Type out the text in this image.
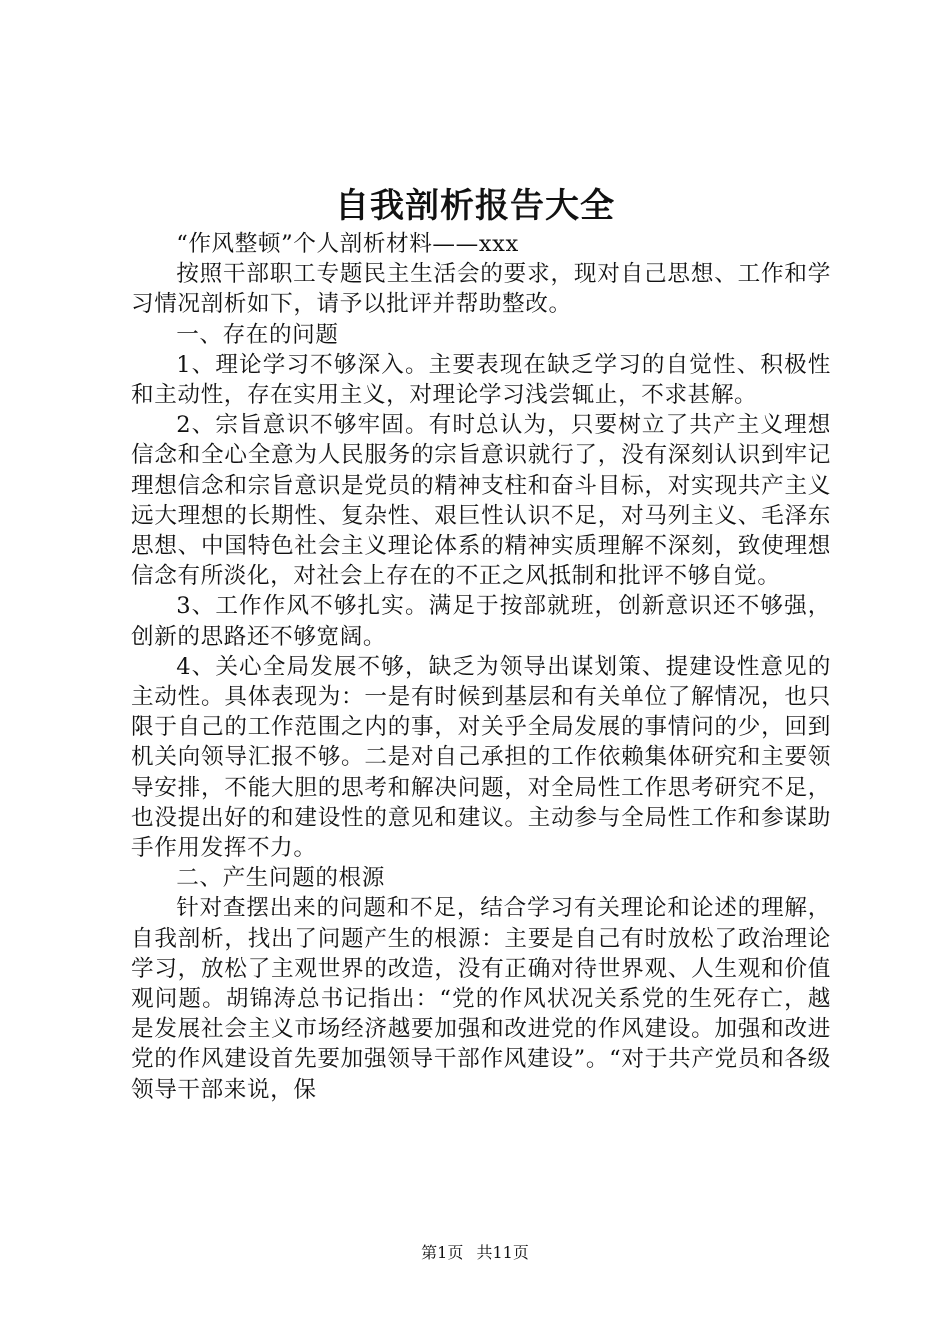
自我剖析报告大全

“作风整顿”个人剖析材料——xxx

按照干部职工专题民主生活会的要求，现对自己思想、工作和学习情况剖析如下，请予以批评并帮助整改。

一、存在的问题

1、理论学习不够深入。主要表现在缺乏学习的自觉性、积极性和主动性，存在实用主义，对理论学习浅尝辄止，不求甚解。

2、宗旨意识不够牢固。有时总认为，只要树立了共产主义理想信念和全心全意为人民服务的宗旨意识就行了，没有深刻认识到牢记理想信念和宗旨意识是党员的精神支柱和奋斗目标，对实现共产主义远大理想的长期性、复杂性、艰巨性认识不足，对马列主义、毛泽东思想、中国特色社会主义理论体系的精神实质理解不深刻，致使理想信念有所淡化，对社会上存在的不正之风抵制和批评不够自觉。

3、工作作风不够扎实。满足于按部就班，创新意识还不够强，创新的思路还不够宽阔。

4、关心全局发展不够，缺乏为领导出谋划策、提建设性意见的主动性。具体表现为：一是有时候到基层和有关单位了解情况，也只限于自己的工作范围之内的事，对关乎全局发展的事情问的少，回到机关向领导汇报不够。二是对自己承担的工作依赖集体研究和主要领导安排，不能大胆的思考和解决问题，对全局性工作思考研究不足，也没提出好的和建设性的意见和建议。主动参与全局性工作和参谋助手作用发挥不力。

二、产生问题的根源

针对查摆出来的问题和不足，结合学习有关理论和论述的理解，自我剖析，找出了问题产生的根源：主要是自己有时放松了政治理论学习，放松了主观世界的改造，没有正确对待世界观、人生观和价值观问题。胡锦涛总书记指出：“党的作风状况关系党的生死存亡，越是发展社会主义市场经济越要加强和改进党的作风建设。加强和改进党的作风建设首先要加强领导干部作风建设”。“对于共产党员和各级领导干部来说，保

第1页 共11页
